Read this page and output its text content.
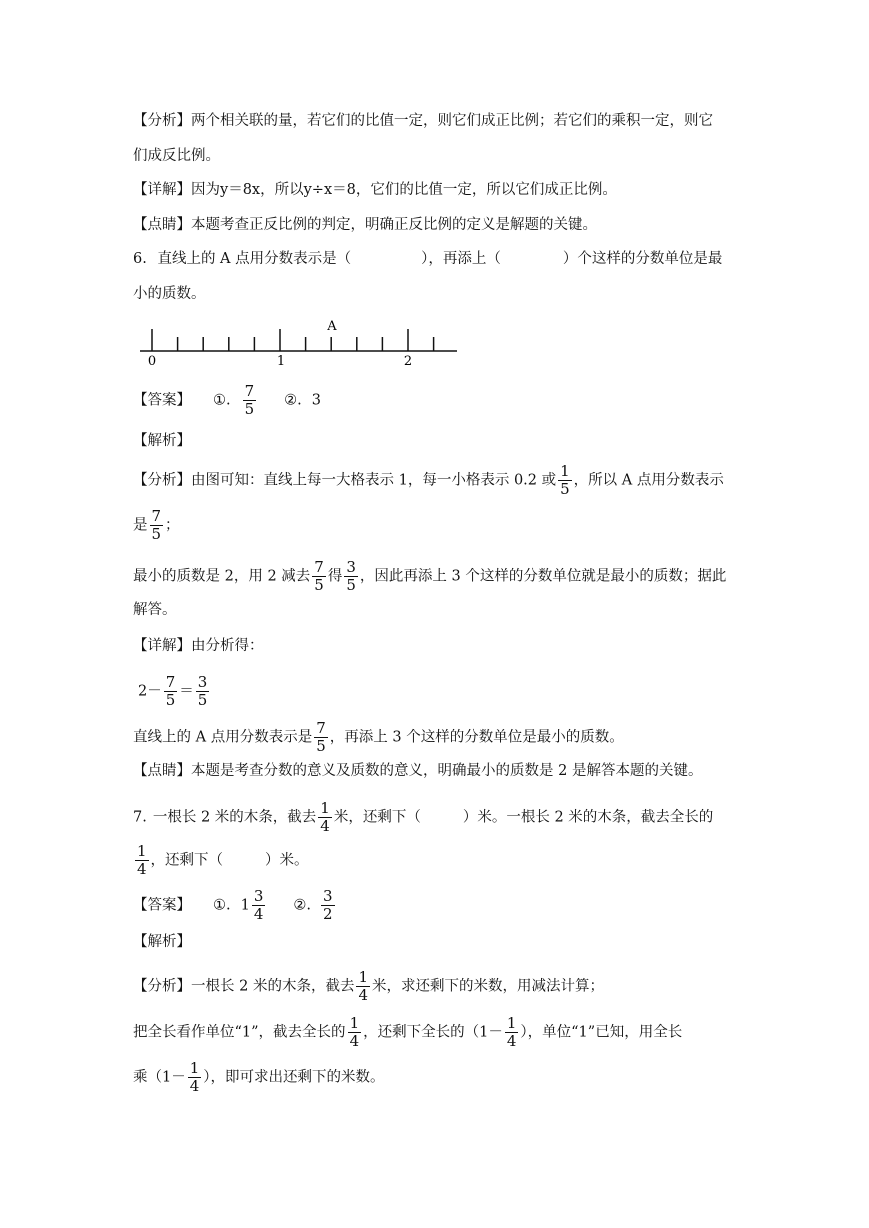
【分析】两个相关联的量，若它们的比值一定，则它们成正比例；若它们的乘积一定，则它
们成反比例。
【详解】因为y＝8x，所以y÷x＝8，它们的比值一定，所以它们成正比例。
【点睛】本题考查正反比例的判定，明确正反比例的定义是解题的关键。
6. 直线上的 A 点用分数表示是（	），再添上（	）个这样的分数单位是最
小的质数。
A
0	1	2
【答案】 ①. $\frac{7}{5}$ ②. 3
【解析】
【分析】由图可知：直线上每一大格表示 1，每一小格表示 0.2 或 $\frac{1}{5}$ ，所以 A 点用分数表示
是 $\frac{7}{5}$ ；
最小的质数是 2，用 2 减去 $\frac{7}{5}$ 得 $\frac{3}{5}$ ，因此再添上 3 个这样的分数单位就是最小的质数；据此
解答。
【详解】由分析得：
$2- \frac{7}{5} = \frac{3}{5}$
直线上的 A 点用分数表示是 $\frac{7}{5}$ ，再添上 3 个这样的分数单位是最小的质数。
【点睛】本题是考查分数的意义及质数的意义，明确最小的质数是 2 是解答本题的关键。
7. 一根长 2 米的木条，截去 $\frac{1}{4}$ 米，还剩下（	）米。一根长 2 米的木条，截去全长的
$\frac{1}{4}$ ，还剩下（	）米。
【答案】 ①. $1 \frac{3}{4}$ ②. $\frac{3}{2}$
【解析】
【分析】一根长 2 米的木条，截去 $\frac{1}{4}$ 米，求还剩下的米数，用减法计算；
把全长看作单位“1”，截去全长的 $\frac{1}{4}$ ，还剩下全长的（$1- \frac{1}{4}$ ），单位“1”已知，用全长
乘（$1- \frac{1}{4}$ ），即可求出还剩下的米数。
